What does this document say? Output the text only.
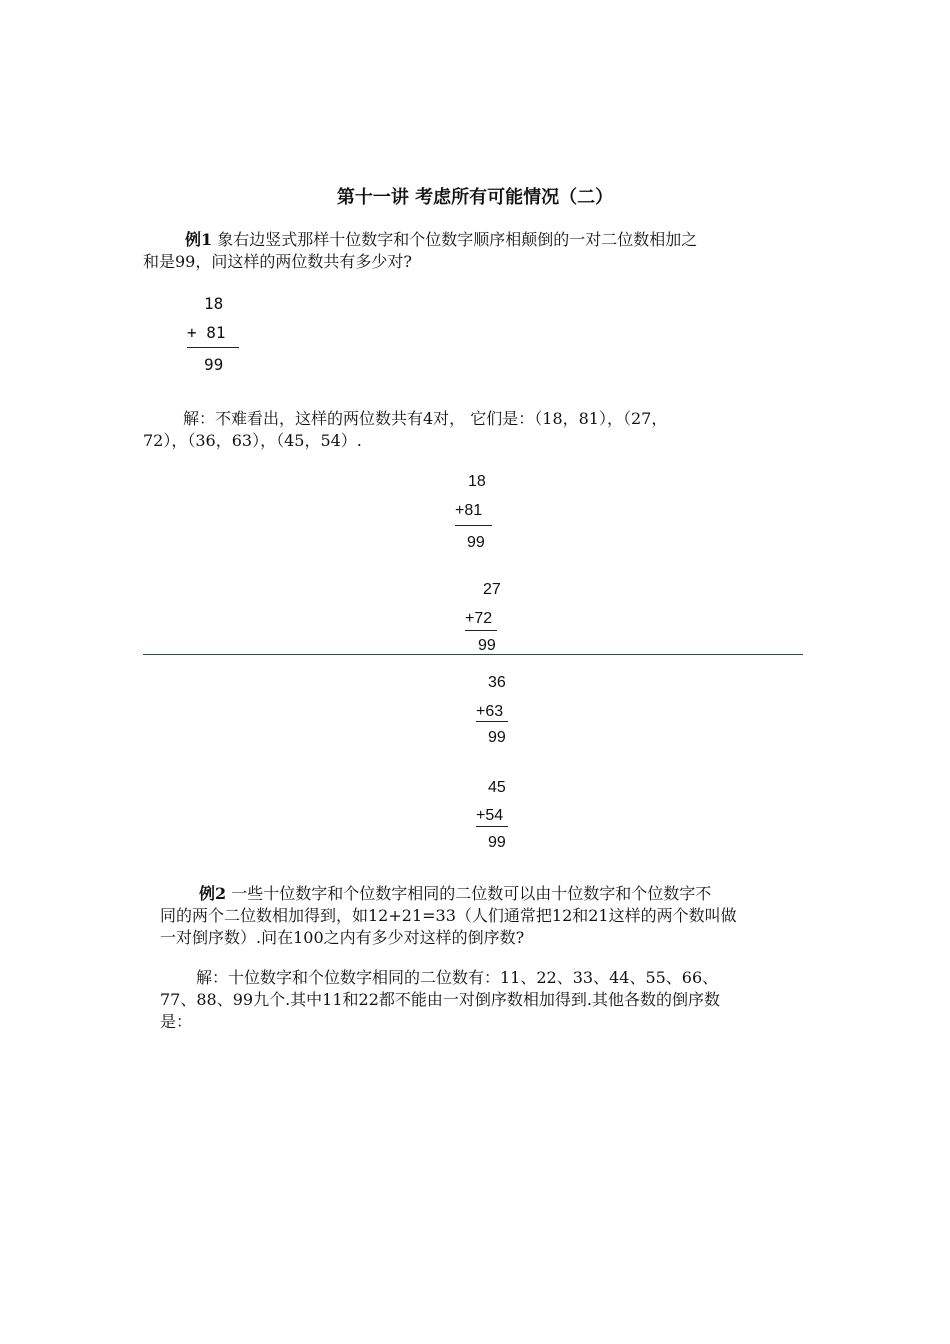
第十一讲 考虑所有可能情况（二）
例1 象右边竖式那样十位数字和个位数字顺序相颠倒的一对二位数相加之
和是99，问这样的两位数共有多少对?
18
+ 81
99
解：不难看出，这样的两位数共有4对， 它们是：（18，81），（27，
72），（36，63），（45，54）.
18
+81
99
27
+72
99
36
+63
99
45
+54
99
例2 一些十位数字和个位数字相同的二位数可以由十位数字和个位数字不
同的两个二位数相加得到，如12+21=33（人们通常把12和21这样的两个数叫做
一对倒序数）.问在100之内有多少对这样的倒序数?
解：十位数字和个位数字相同的二位数有：11、22、33、44、55、66、
77、88、99九个.其中11和22都不能由一对倒序数相加得到.其他各数的倒序数
是：
